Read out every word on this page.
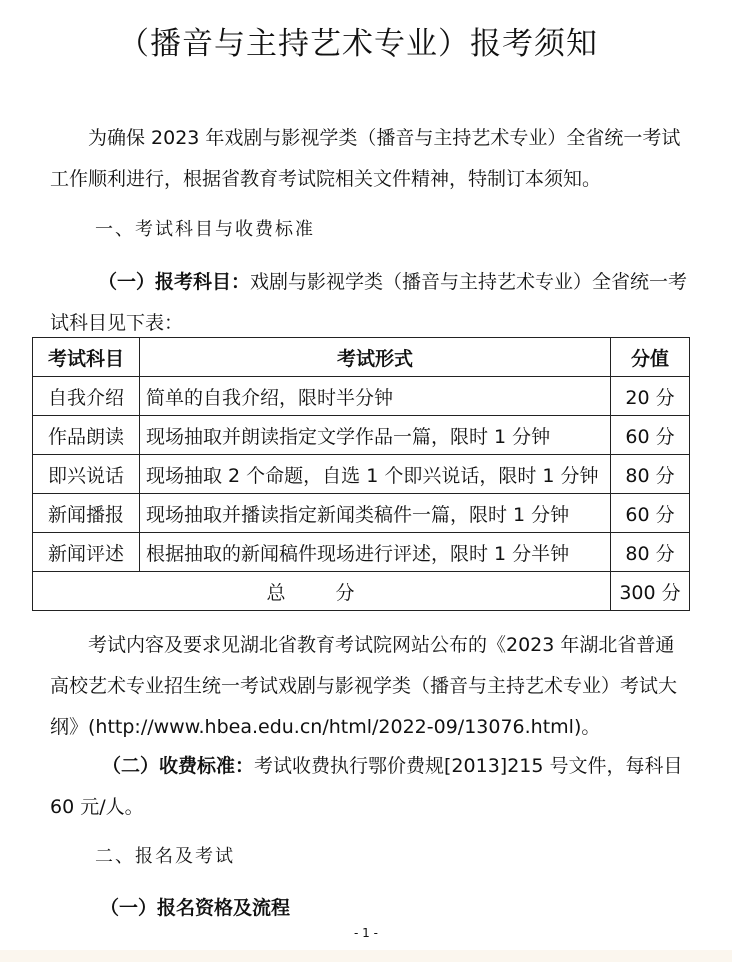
（播音与主持艺术专业）报考须知

为确保 2023 年戏剧与影视学类（播音与主持艺术专业）全省统一考试工作顺利进行，根据省教育考试院相关文件精神，特制订本须知。

一、考试科目与收费标准

（一）报考科目：戏剧与影视学类（播音与主持艺术专业）全省统一考试科目见下表：

考试科目	考试形式	分值
自我介绍	简单的自我介绍，限时半分钟	20 分
作品朗读	现场抽取并朗读指定文学作品一篇，限时 1 分钟	60 分
即兴说话	现场抽取 2 个命题，自选 1 个即兴说话，限时 1 分钟	80 分
新闻播报	现场抽取并播读指定新闻类稿件一篇，限时 1 分钟	60 分
新闻评述	根据抽取的新闻稿件现场进行评述，限时 1 分半钟	80 分
总 分		300 分

考试内容及要求见湖北省教育考试院网站公布的《2023 年湖北省普通高校艺术专业招生统一考试戏剧与影视学类（播音与主持艺术专业）考试大纲》(http://www.hbea.edu.cn/html/2022-09/13076.html)。

（二）收费标准：考试收费执行鄂价费规[2013]215 号文件，每科目 60 元/人。

二、报名及考试
（一）报名资格及流程
- 1 -
